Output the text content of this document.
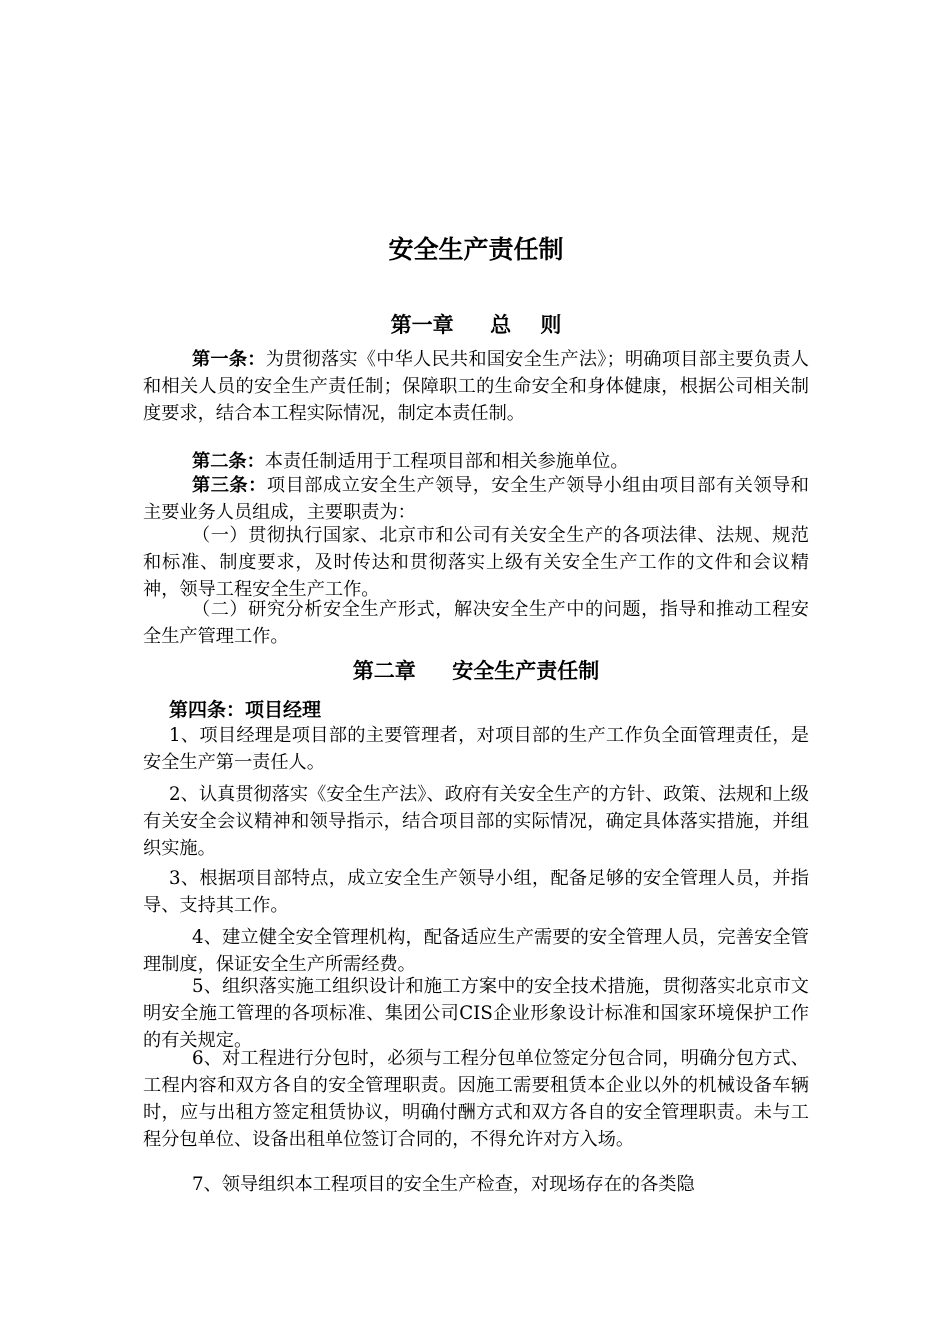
安全生产责任制
第一章     总    则

第一条：为贯彻落实《中华人民共和国安全生产法》；明确项目部主要负责人和相关人员的安全生产责任制；保障职工的生命安全和身体健康，根据公司相关制度要求，结合本工程实际情况，制定本责任制。

第二条：本责任制适用于工程项目部和相关参施单位。

第三条：项目部成立安全生产领导，安全生产领导小组由项目部有关领导和主要业务人员组成，主要职责为：

（一）贯彻执行国家、北京市和公司有关安全生产的各项法律、法规、规范和标准、制度要求，及时传达和贯彻落实上级有关安全生产工作的文件和会议精神，领导工程安全生产工作。

（二）研究分析安全生产形式，解决安全生产中的问题，指导和推动工程安全生产管理工作。

第二章     安全生产责任制
第四条：项目经理

1、项目经理是项目部的主要管理者，对项目部的生产工作负全面管理责任，是安全生产第一责任人。

2、认真贯彻落实《安全生产法》、政府有关安全生产的方针、政策、法规和上级有关安全会议精神和领导指示，结合项目部的实际情况，确定具体落实措施，并组织实施。

3、根据项目部特点，成立安全生产领导小组，配备足够的安全管理人员，并指导、支持其工作。

4、建立健全安全管理机构，配备适应生产需要的安全管理人员，完善安全管理制度，保证安全生产所需经费。

5、组织落实施工组织设计和施工方案中的安全技术措施，贯彻落实北京市文明安全施工管理的各项标准、集团公司CIS企业形象设计标准和国家环境保护工作的有关规定。

6、对工程进行分包时，必须与工程分包单位签定分包合同，明确分包方式、工程内容和双方各自的安全管理职责。因施工需要租赁本企业以外的机械设备车辆时，应与出租方签定租赁协议，明确付酬方式和双方各自的安全管理职责。未与工程分包单位、设备出租单位签订合同的，不得允许对方入场。

7、领导组织本工程项目的安全生产检查，对现场存在的各类隐
